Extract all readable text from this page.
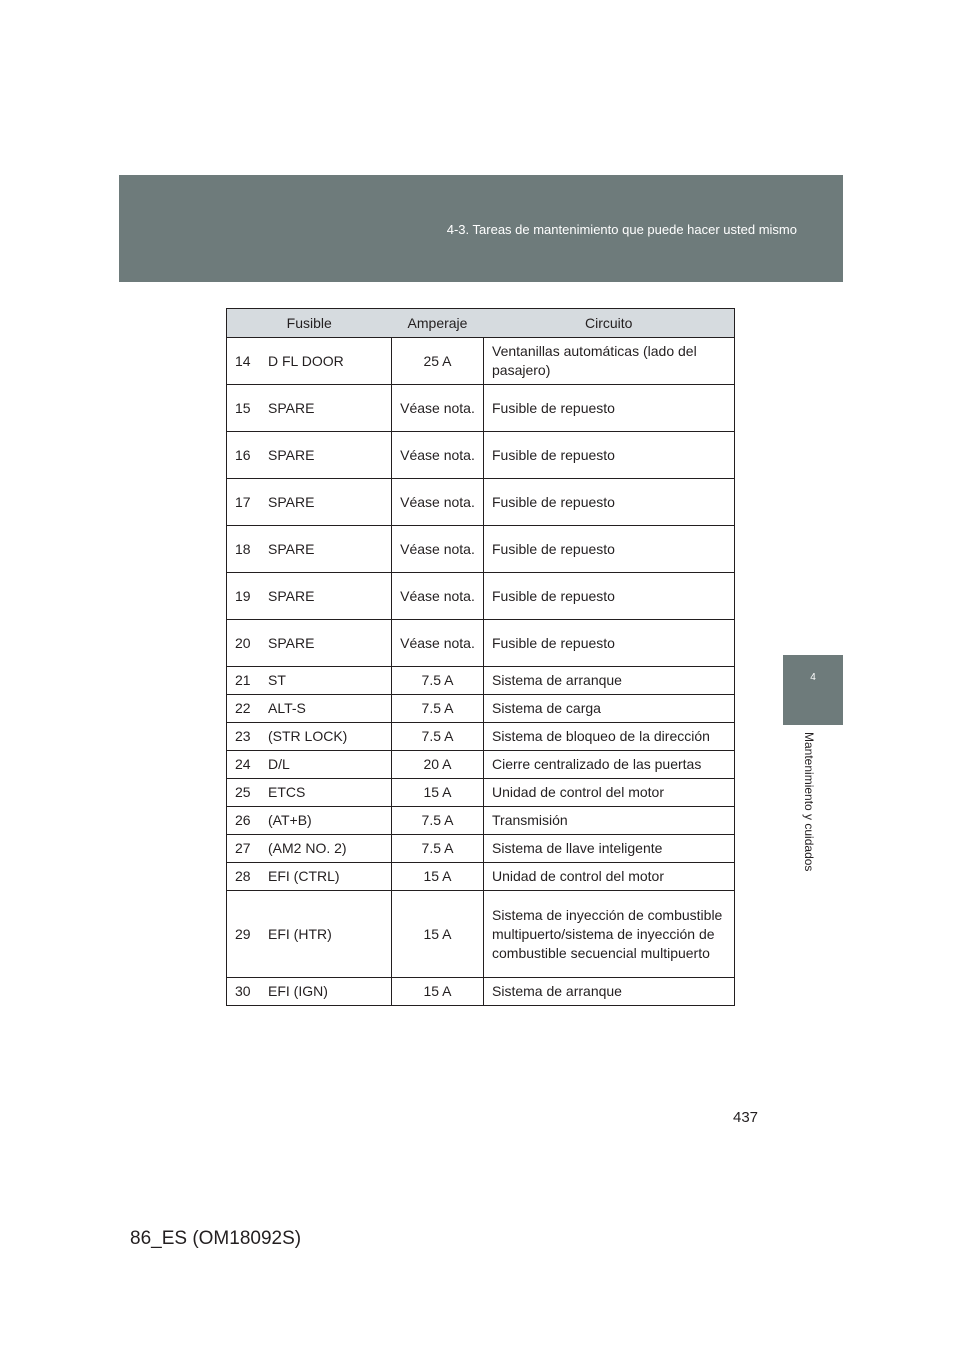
4-3. Tareas de mantenimiento que puede hacer usted mismo
4
Mantenimiento y cuidados
Fusible		Amperaje	Circuito
14	D FL DOOR	25 A	Ventanillas automáticas (lado del pasajero)
15	SPARE	Véase nota.	Fusible de repuesto
16	SPARE	Véase nota.	Fusible de repuesto
17	SPARE	Véase nota.	Fusible de repuesto
18	SPARE	Véase nota.	Fusible de repuesto
19	SPARE	Véase nota.	Fusible de repuesto
20	SPARE	Véase nota.	Fusible de repuesto
21	ST	7.5 A	Sistema de arranque
22	ALT-S	7.5 A	Sistema de carga
23	(STR LOCK)	7.5 A	Sistema de bloqueo de la dirección
24	D/L	20 A	Cierre centralizado de las puertas
25	ETCS	15 A	Unidad de control del motor
26	(AT+B)	7.5 A	Transmisión
27	(AM2 NO. 2)	7.5 A	Sistema de llave inteligente
28	EFI (CTRL)	15 A	Unidad de control del motor
29	EFI (HTR)	15 A	Sistema de inyección de combustible multipuerto/sistema de inyección de combustible secuencial multipuerto
30	EFI (IGN)	15 A	Sistema de arranque
437
86_ES (OM18092S)
